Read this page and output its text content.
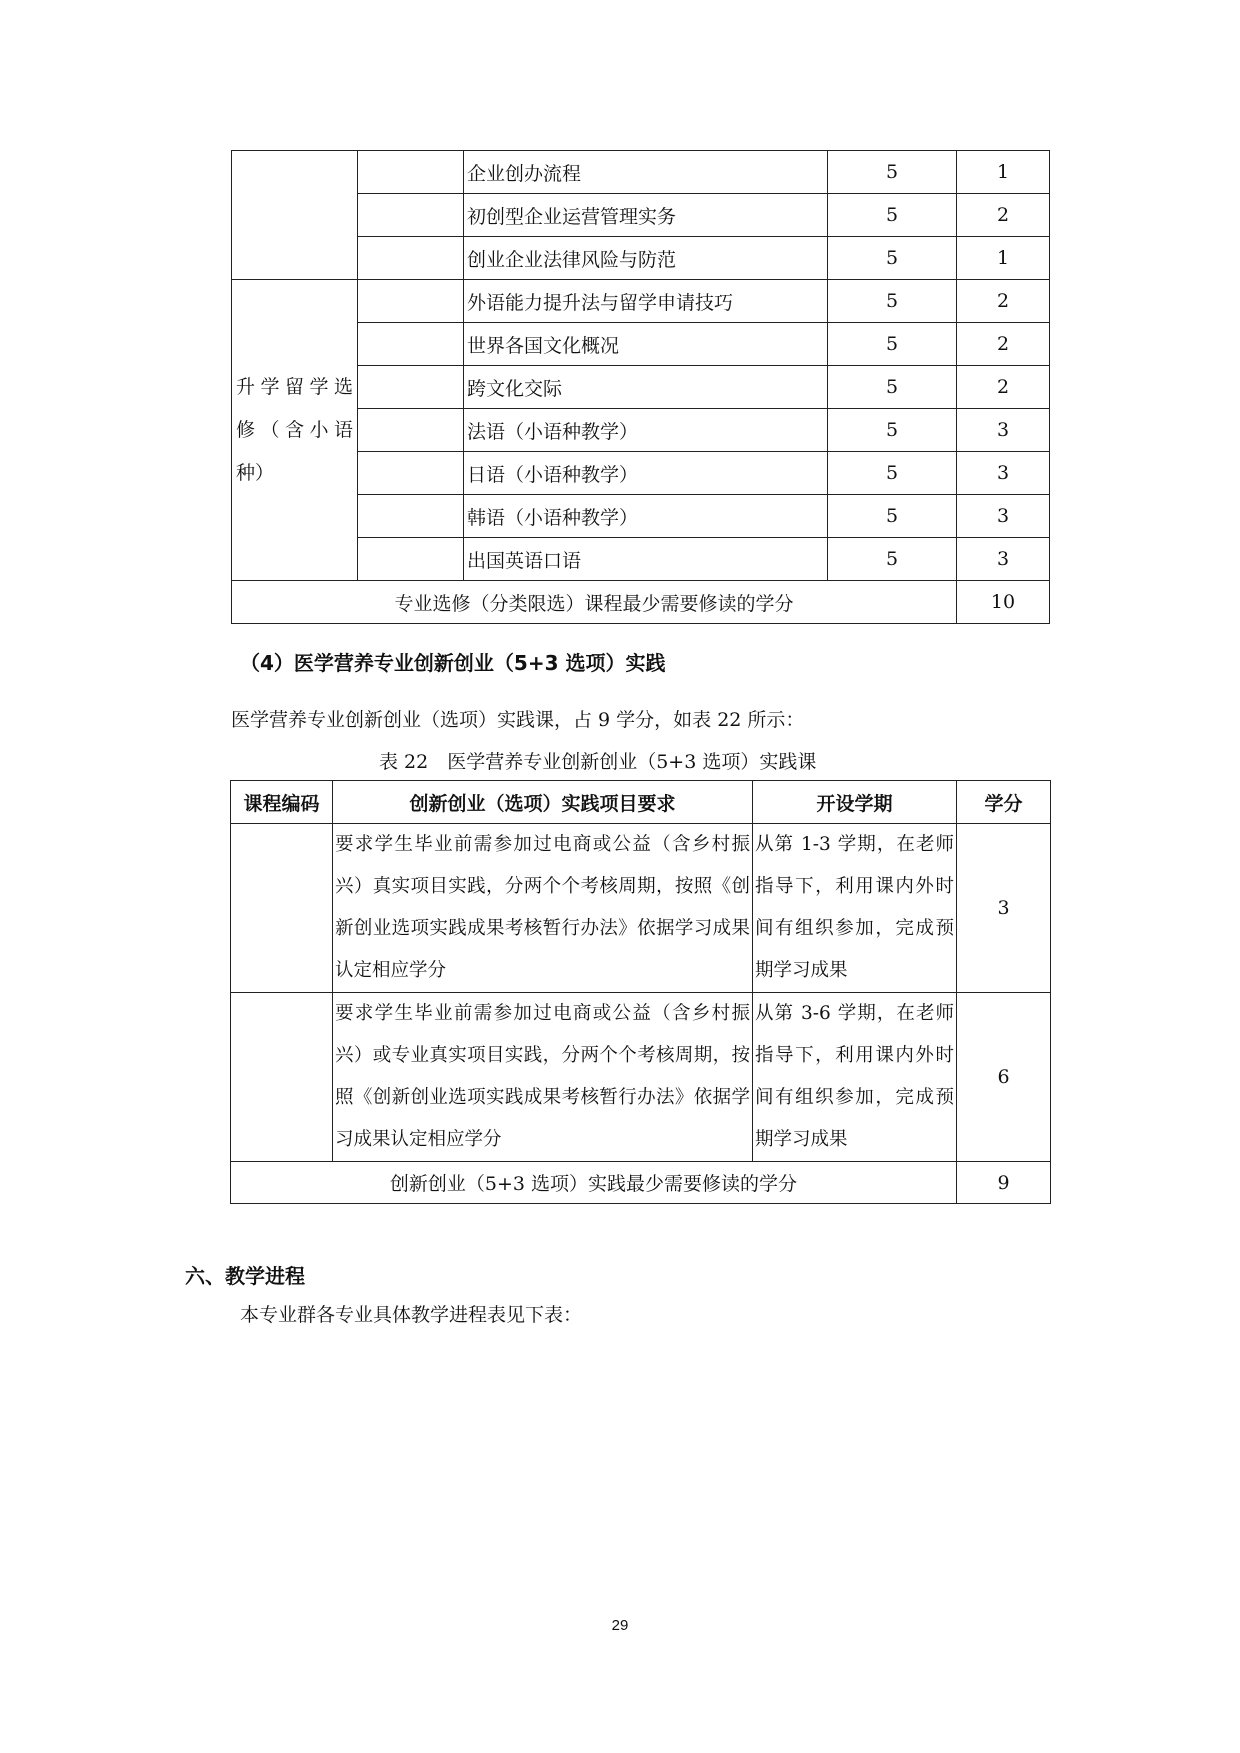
		企业创办流程	5	1
		初创型企业运营管理实务	5	2
		创业企业法律风险与防范	5	1

升学留学选
修（含小语
种）		外语能力提升法与留学申请技巧	5	2
		世界各国文化概况	5	2
		跨文化交际	5	2
		法语（小语种教学）	5	3
		日语（小语种教学）	5	3
		韩语（小语种教学）	5	3
		出国英语口语	5	3
专业选修（分类限选）课程最少需要修读的学分				10
（4）医学营养专业创新创业（5+3 选项）实践
医学营养专业创新创业（选项）实践课，占 9 学分，如表 22 所示：
表 22　医学营养专业创新创业（5+3 选项）实践课
课程编码	创新创业（选项）实践项目要求	开设学期	学分
	要求学生毕业前需参加过电商或公益（含乡村振兴）真实项目实践，分两个个考核周期，按照《创新创业选项实践成果考核暂行办法》依据学习成果认定相应学分	从第 1-3 学期，在老师指导下，利用课内外时间有组织参加，完成预期学习成果	3
	要求学生毕业前需参加过电商或公益（含乡村振兴）或专业真实项目实践，分两个个考核周期，按照《创新创业选项实践成果考核暂行办法》依据学习成果认定相应学分	从第 3-6 学期，在老师指导下，利用课内外时间有组织参加，完成预期学习成果	6
创新创业（5+3 选项）实践最少需要修读的学分			9
六、教学进程
本专业群各专业具体教学进程表见下表：
29
